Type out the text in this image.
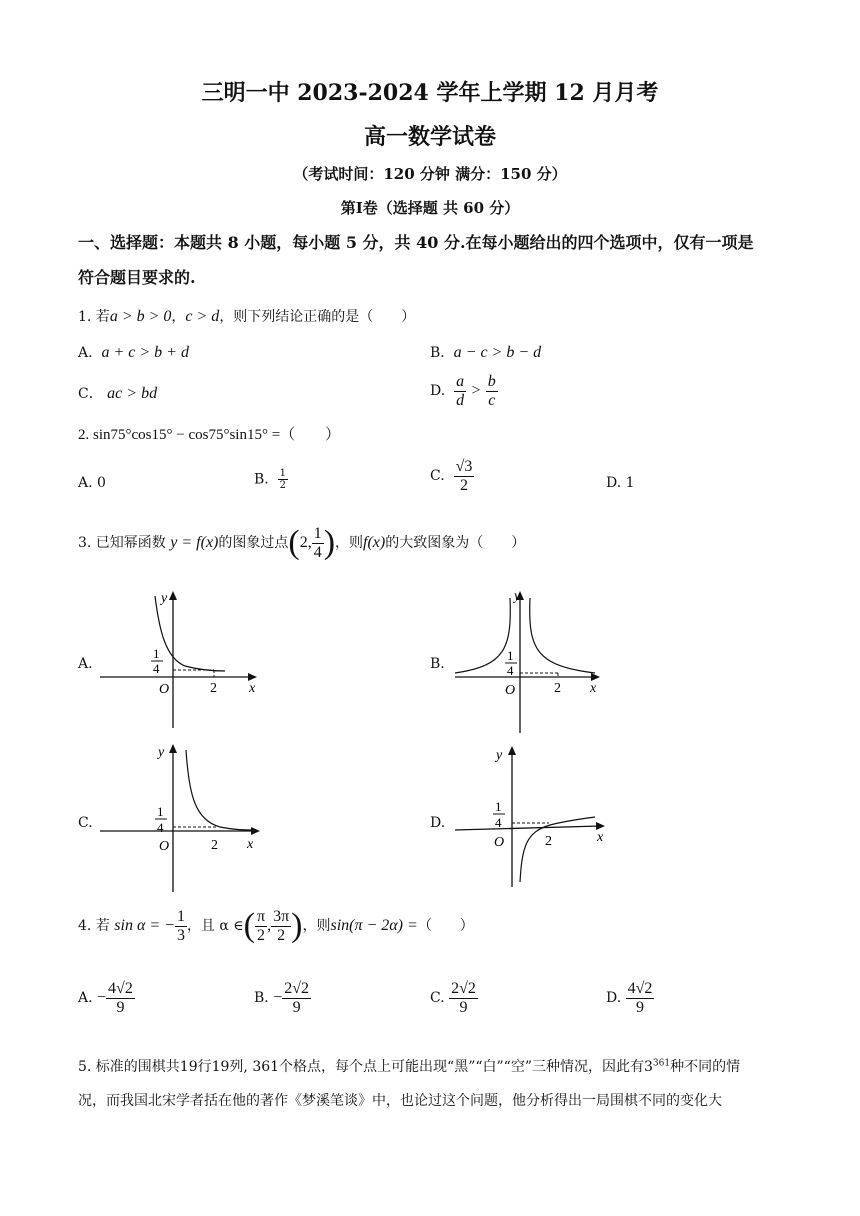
三明一中 2023-2024 学年上学期 12 月月考
高一数学试卷
（考试时间：120 分钟 满分：150 分）
第Ⅰ卷（选择题 共 60 分）
一、选择题：本题共 8 小题，每小题 5 分，共 40 分.在每小题给出的四个选项中，仅有一项是
符合题目要求的.
1. 若a > b > 0，c > d，则下列结论正确的是（　　）
A. a + c > b + d	B. a − c > b − d
C． ac > bd	D. $\frac{a}{d} > \frac{b}{c}$
2. sin75°cos15° − cos75°sin15° =（　　）
A. 0	B. $\frac{1}{2}$	C. $\frac{√3}{2}$	D. 1
3. 已知幂函数 y = f(x)的图象过点(2, $\frac{1}{4}$ )，则f(x)的大致图象为（　　）
A.	B.
C.	D.
y
x
O	2
1
4
y
x
O	2
1
4
y
x
O	2
1
4
y
x
O	2
1
4
4. 若 sin α = − $\frac{1}{3}$ ，且 α ∈( $\frac{\pi}{2}$ , $\frac{3\pi}{2}$ )，则sin(π − 2α) =（　　）
A. − $\frac{4√2}{9}$	B. − $\frac{2√2}{9}$	C. $\frac{2√2}{9}$	D. $\frac{4√2}{9}$
5. 标准的围棋共19行19列, 361个格点，每个点上可能出现“黑”“白”“空”三种情况，因此有$3^{361}$种不同的情
况，而我国北宋学者括在他的著作《梦溪笔谈》中，也论过这个问题，他分析得出一局围棋不同的变化大
